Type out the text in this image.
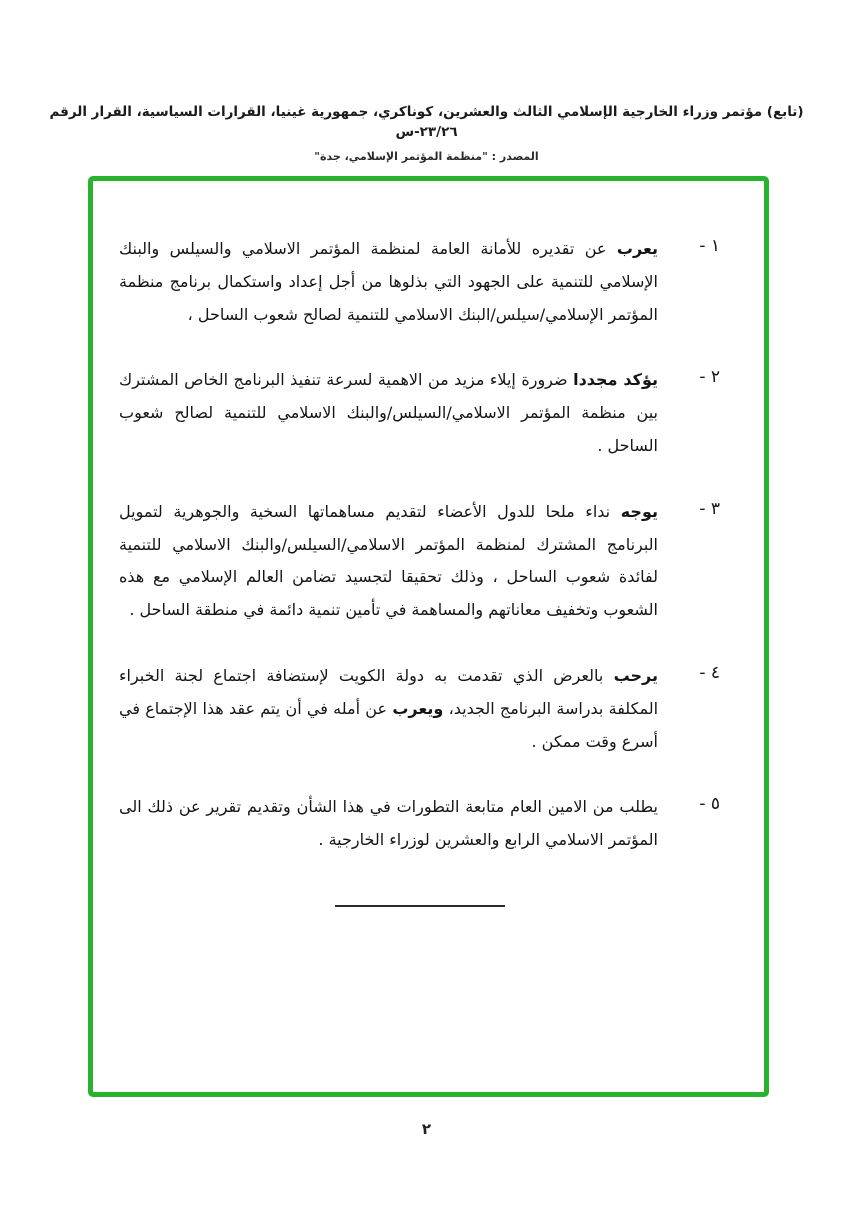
(تابع) مؤتمر وزراء الخارجية الإسلامي الثالث والعشرين، كوناكري، جمهورية غينيا، القرارات السياسية، القرار الرقم ٢٣/٢٦-س
المصدر : "منظمة المؤتمر الإسلامي، جدة"
١ -
يعرب عن تقديره للأمانة العامة لمنظمة المؤتمر الاسلامي والسيلس والبنك الإسلامي للتنمية على الجهود التي بذلوها من أجل إعداد واستكمال برنامج منظمة المؤتمر الإسلامي/سيلس/البنك الاسلامي للتنمية لصالح شعوب الساحل ،
٢ -
يؤكد مجددا ضرورة إيلاء مزيد من الاهمية لسرعة تنفيذ البرنامج الخاص المشترك بين منظمة المؤتمر الاسلامي/السيلس/والبنك الاسلامي للتنمية لصالح شعوب الساحل .
٣ -
يوجه نداء ملحا للدول الأعضاء لتقديم مساهماتها السخية والجوهرية لتمويل البرنامج المشترك لمنظمة المؤتمر الاسلامي/السيلس/والبنك الاسلامي للتنمية لفائدة شعوب الساحل ، وذلك تحقيقا لتجسيد تضامن العالم الإسلامي مع هذه الشعوب وتخفيف معاناتهم والمساهمة في تأمين تنمية دائمة في منطقة الساحل .
٤ -
يرحب بالعرض الذي تقدمت به دولة الكويت لإستضافة اجتماع لجنة الخبراء المكلفة بدراسة البرنامج الجديد، ويعرب عن أمله في أن يتم عقد هذا الإجتماع في أسرع وقت ممكن .
٥ -
يطلب من الامين العام متابعة التطورات في هذا الشأن وتقديم تقرير عن ذلك الى المؤتمر الاسلامي الرابع والعشرين لوزراء الخارجية .
٢
